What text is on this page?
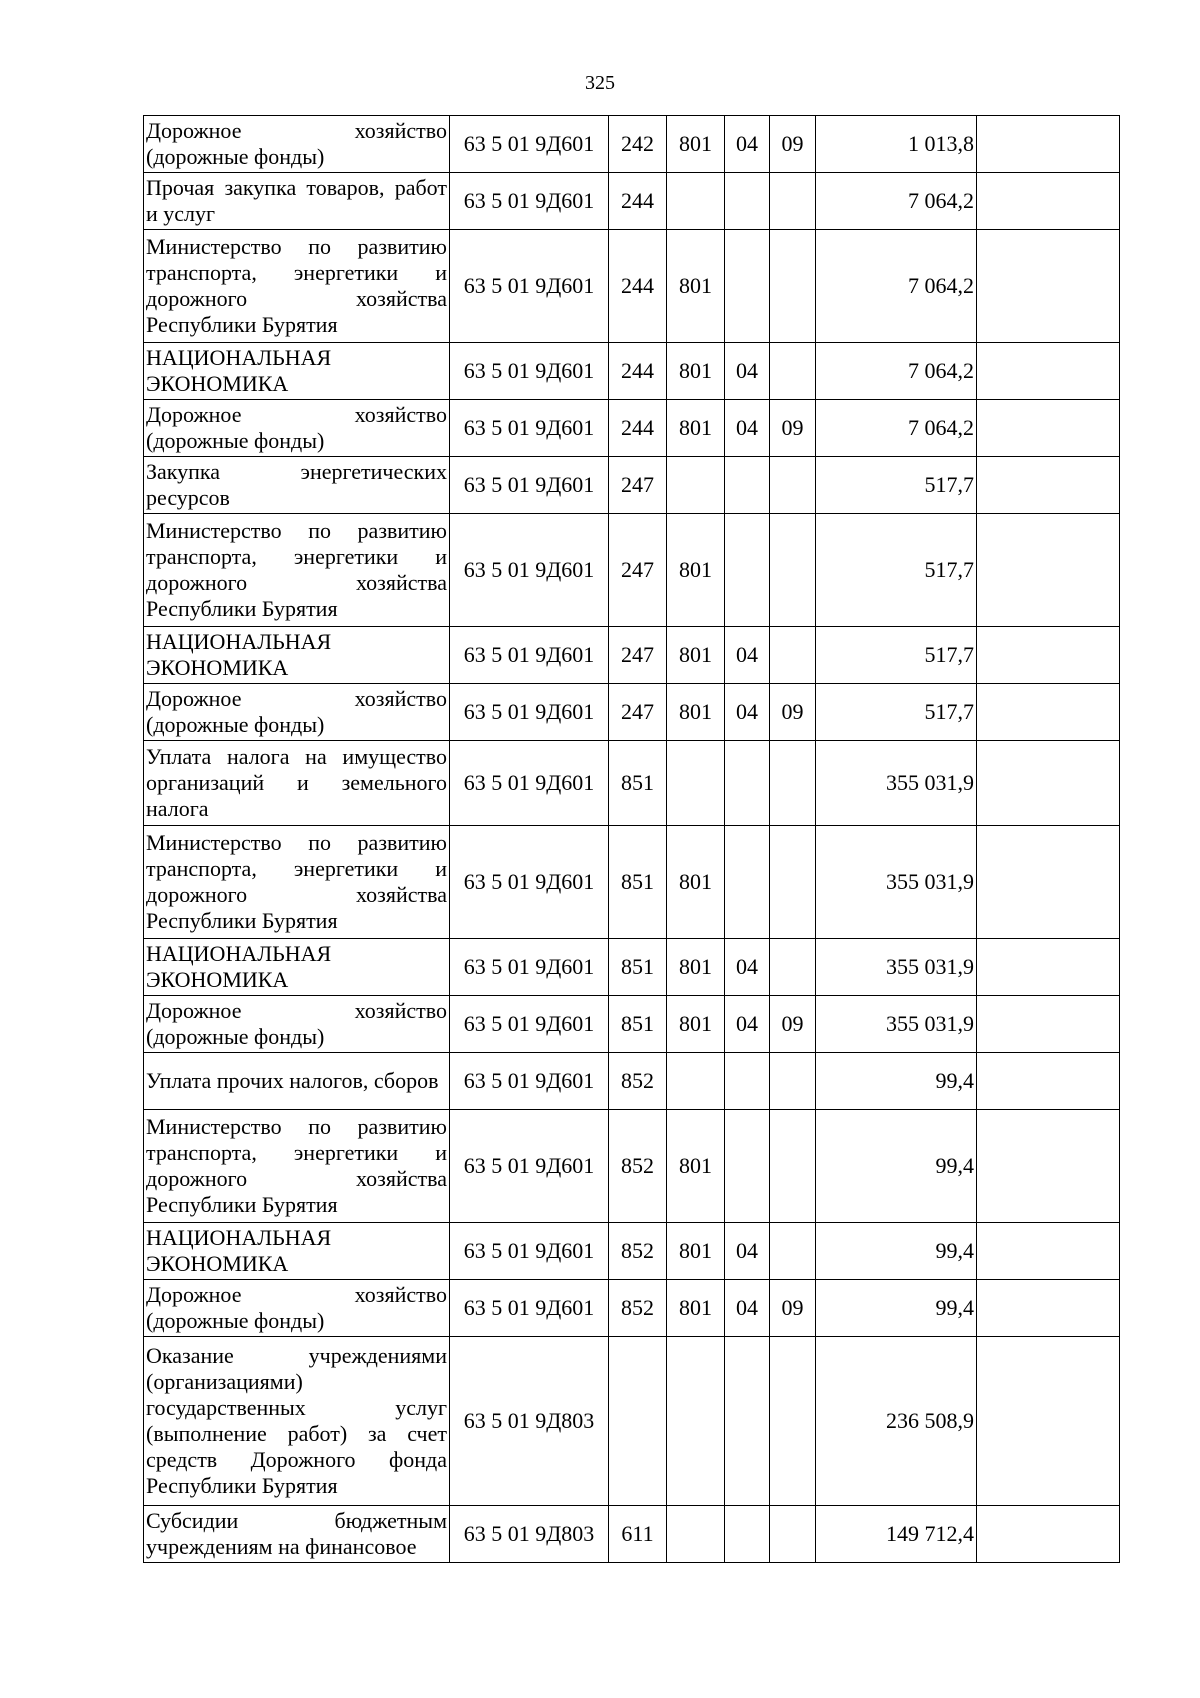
325
Дорожное хозяйство (дорожные фонды)	63 5 01 9Д601	242	801	04	09	1 013,8	
Прочая закупка товаров, работ и услуг	63 5 01 9Д601	244				7 064,2	
Министерство по развитию транспорта, энергетики и дорожного хозяйства Республики Бурятия	63 5 01 9Д601	244	801			7 064,2	
НАЦИОНАЛЬНАЯ ЭКОНОМИКА	63 5 01 9Д601	244	801	04		7 064,2	
Дорожное хозяйство (дорожные фонды)	63 5 01 9Д601	244	801	04	09	7 064,2	
Закупка энергетических ресурсов	63 5 01 9Д601	247				517,7	
Министерство по развитию транспорта, энергетики и дорожного хозяйства Республики Бурятия	63 5 01 9Д601	247	801			517,7	
НАЦИОНАЛЬНАЯ ЭКОНОМИКА	63 5 01 9Д601	247	801	04		517,7	
Дорожное хозяйство (дорожные фонды)	63 5 01 9Д601	247	801	04	09	517,7	
Уплата налога на имущество организаций и земельного налога	63 5 01 9Д601	851				355 031,9	
Министерство по развитию транспорта, энергетики и дорожного хозяйства Республики Бурятия	63 5 01 9Д601	851	801			355 031,9	
НАЦИОНАЛЬНАЯ ЭКОНОМИКА	63 5 01 9Д601	851	801	04		355 031,9	
Дорожное хозяйство (дорожные фонды)	63 5 01 9Д601	851	801	04	09	355 031,9	
Уплата прочих налогов, сборов	63 5 01 9Д601	852				99,4	
Министерство по развитию транспорта, энергетики и дорожного хозяйства Республики Бурятия	63 5 01 9Д601	852	801			99,4	
НАЦИОНАЛЬНАЯ ЭКОНОМИКА	63 5 01 9Д601	852	801	04		99,4	
Дорожное хозяйство (дорожные фонды)	63 5 01 9Д601	852	801	04	09	99,4	
Оказание учреждениями (организациями) государственных услуг (выполнение работ) за счет средств Дорожного фонда Республики Бурятия	63 5 01 9Д803					236 508,9	
Субсидии бюджетным учреждениям на финансовое	63 5 01 9Д803	611				149 712,4	
